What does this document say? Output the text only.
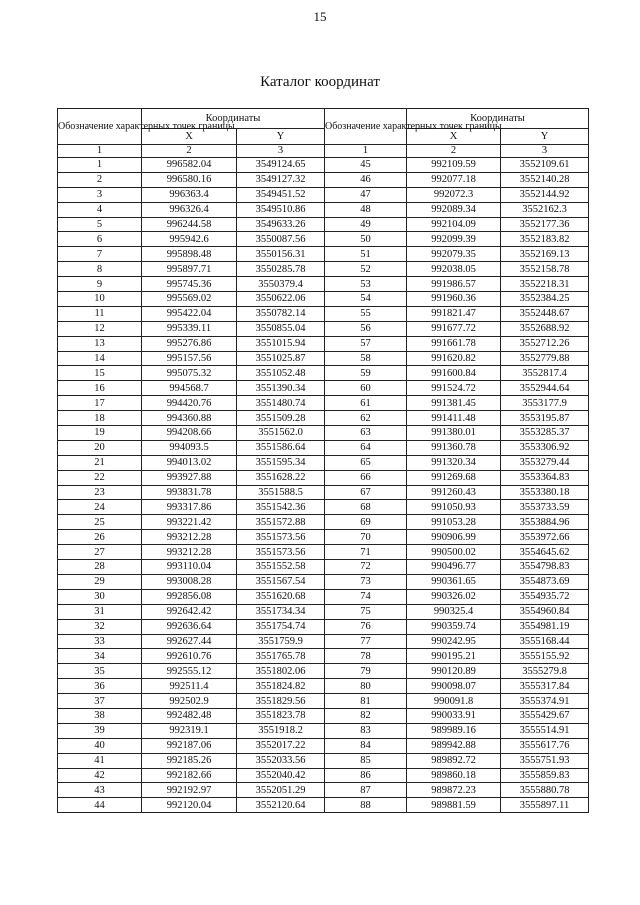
15
Каталог координат
Обозначение характерных точек границы	Координаты		Обозначение характерных точек границы	Координаты	
	X	Y		X	Y
1	2	3	1	2	3
1	996582.04	3549124.65	45	992109.59	3552109.61
2	996580.16	3549127.32	46	992077.18	3552140.28
3	996363.4	3549451.52	47	992072.3	3552144.92
4	996326.4	3549510.86	48	992089.34	3552162.3
5	996244.58	3549633.26	49	992104.09	3552177.36
6	995942.6	3550087.56	50	992099.39	3552183.82
7	995898.48	3550156.31	51	992079.35	3552169.13
8	995897.71	3550285.78	52	992038.05	3552158.78
9	995745.36	3550379.4	53	991986.57	3552218.31
10	995569.02	3550622.06	54	991960.36	3552384.25
11	995422.04	3550782.14	55	991821.47	3552448.67
12	995339.11	3550855.04	56	991677.72	3552688.92
13	995276.86	3551015.94	57	991661.78	3552712.26
14	995157.56	3551025.87	58	991620.82	3552779.88
15	995075.32	3551052.48	59	991600.84	3552817.4
16	994568.7	3551390.34	60	991524.72	3552944.64
17	994420.76	3551480.74	61	991381.45	3553177.9
18	994360.88	3551509.28	62	991411.48	3553195.87
19	994208.66	3551562.0	63	991380.01	3553285.37
20	994093.5	3551586.64	64	991360.78	3553306.92
21	994013.02	3551595.34	65	991320.34	3553279.44
22	993927.88	3551628.22	66	991269.68	3553364.83
23	993831.78	3551588.5	67	991260.43	3553380.18
24	993317.86	3551542.36	68	991050.93	3553733.59
25	993221.42	3551572.88	69	991053.28	3553884.96
26	993212.28	3551573.56	70	990906.99	3553972.66
27	993212.28	3551573.56	71	990500.02	3554645.62
28	993110.04	3551552.58	72	990496.77	3554798.83
29	993008.28	3551567.54	73	990361.65	3554873.69
30	992856.08	3551620.68	74	990326.02	3554935.72
31	992642.42	3551734.34	75	990325.4	3554960.84
32	992636.64	3551754.74	76	990359.74	3554981.19
33	992627.44	3551759.9	77	990242.95	3555168.44
34	992610.76	3551765.78	78	990195.21	3555155.92
35	992555.12	3551802.06	79	990120.89	3555279.8
36	992511.4	3551824.82	80	990098.07	3555317.84
37	992502.9	3551829.56	81	990091.8	3555374.91
38	992482.48	3551823.78	82	990033.91	3555429.67
39	992319.1	3551918.2	83	989989.16	3555514.91
40	992187.06	3552017.22	84	989942.88	3555617.76
41	992185.26	3552033.56	85	989892.72	3555751.93
42	992182.66	3552040.42	86	989860.18	3555859.83
43	992192.97	3552051.29	87	989872.23	3555880.78
44	992120.04	3552120.64	88	989881.59	3555897.11
